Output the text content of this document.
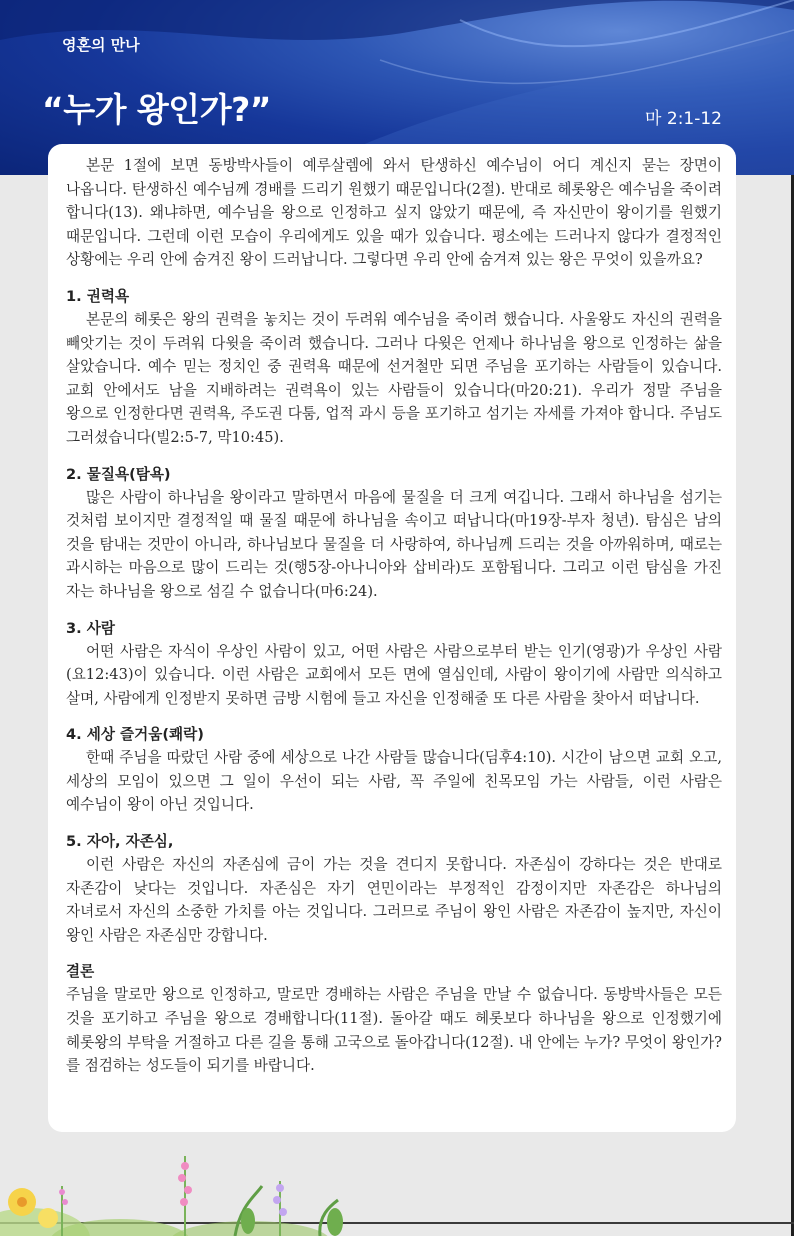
영혼의 만나
“누가 왕인가?”	마 2:1-12

본문 1절에 보면 동방박사들이 예루살렘에 와서 탄생하신 예수님이 어디 계신지 묻는 장면이 나옵니다. 탄생하신 예수님께 경배를 드리기 원했기 때문입니다(2절). 반대로 헤롯왕은 예수님을 죽이려 합니다(13). 왜냐하면, 예수님을 왕으로 인정하고 싶지 않았기 때문에, 즉 자신만이 왕이기를 원했기 때문입니다. 그런데 이런 모습이 우리에게도 있을 때가 있습니다. 평소에는 드러나지 않다가 결정적인 상황에는 우리 안에 숨겨진 왕이 드러납니다. 그렇다면 우리 안에 숨겨져 있는 왕은 무엇이 있을까요?

1. 권력욕

본문의 헤롯은 왕의 권력을 놓치는 것이 두려워 예수님을 죽이려 했습니다. 사울왕도 자신의 권력을 빼앗기는 것이 두려워 다윗을 죽이려 했습니다. 그러나 다윗은 언제나 하나님을 왕으로 인정하는 삶을 살았습니다. 예수 믿는 정치인 중 권력욕 때문에 선거철만 되면 주님을 포기하는 사람들이 있습니다. 교회 안에서도 남을 지배하려는 권력욕이 있는 사람들이 있습니다(마20:21). 우리가 정말 주님을 왕으로 인정한다면 권력욕, 주도권 다툼, 업적 과시 등을 포기하고 섬기는 자세를 가져야 합니다. 주님도 그러셨습니다(빌2:5-7, 막10:45).

2. 물질욕(탐욕)

많은 사람이 하나님을 왕이라고 말하면서 마음에 물질을 더 크게 여깁니다. 그래서 하나님을 섬기는 것처럼 보이지만 결정적일 때 물질 때문에 하나님을 속이고 떠납니다(마19장-부자 청년). 탐심은 남의 것을 탐내는 것만이 아니라, 하나님보다 물질을 더 사랑하여, 하나님께 드리는 것을 아까워하며, 때로는 과시하는 마음으로 많이 드리는 것(행5장-아나니아와 삽비라)도 포함됩니다. 그리고 이런 탐심을 가진 자는 하나님을 왕으로 섬길 수 없습니다(마6:24).

3. 사람

어떤 사람은 자식이 우상인 사람이 있고, 어떤 사람은 사람으로부터 받는 인기(영광)가 우상인 사람(요12:43)이 있습니다. 이런 사람은 교회에서 모든 면에 열심인데, 사람이 왕이기에 사람만 의식하고 살며, 사람에게 인정받지 못하면 금방 시험에 들고 자신을 인정해줄 또 다른 사람을 찾아서 떠납니다.

4. 세상 즐거움(쾌락)

한때 주님을 따랐던 사람 중에 세상으로 나간 사람들 많습니다(딤후4:10). 시간이 남으면 교회 오고, 세상의 모임이 있으면 그 일이 우선이 되는 사람, 꼭 주일에 친목모임 가는 사람들, 이런 사람은 예수님이 왕이 아닌 것입니다.

5. 자아, 자존심,

이런 사람은 자신의 자존심에 금이 가는 것을 견디지 못합니다. 자존심이 강하다는 것은 반대로 자존감이 낮다는 것입니다. 자존심은 자기 연민이라는 부정적인 감정이지만 자존감은 하나님의 자녀로서 자신의 소중한 가치를 아는 것입니다. 그러므로 주님이 왕인 사람은 자존감이 높지만, 자신이 왕인 사람은 자존심만 강합니다.

결론

주님을 말로만 왕으로 인정하고, 말로만 경배하는 사람은 주님을 만날 수 없습니다. 동방박사들은 모든 것을 포기하고 주님을 왕으로 경배합니다(11절). 돌아갈 때도 헤롯보다 하나님을 왕으로 인정했기에 헤롯왕의 부탁을 거절하고 다른 길을 통해 고국으로 돌아갑니다(12절). 내 안에는 누가? 무엇이 왕인가? 를 점검하는 성도들이 되기를 바랍니다.
